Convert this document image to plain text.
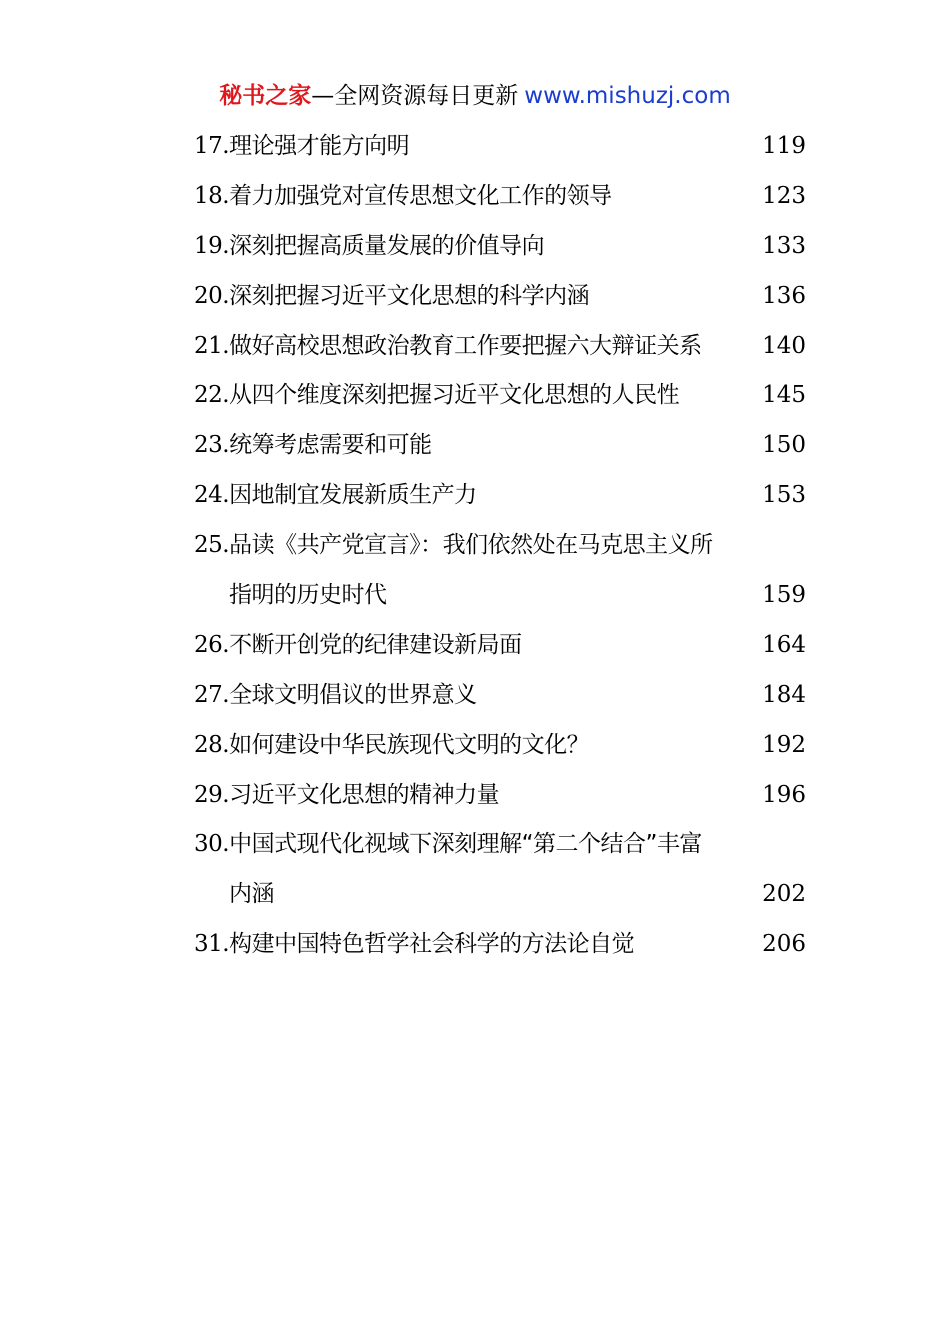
秘书之家—全网资源每日更新 www.mishuzj.com
17. 理论强才能方向明	119
18. 着力加强党对宣传思想文化工作的领导	123
19. 深刻把握高质量发展的价值导向	133
20. 深刻把握习近平文化思想的科学内涵	136
21. 做好高校思想政治教育工作要把握六大辩证关系	140
22. 从四个维度深刻把握习近平文化思想的人民性	145
23. 统筹考虑需要和可能	150
24. 因地制宜发展新质生产力	153
25. 品读《共产党宣言》：我们依然处在马克思主义所
指明的历史时代	159
26. 不断开创党的纪律建设新局面	164
27. 全球文明倡议的世界意义	184
28. 如何建设中华民族现代文明的文化？	192
29. 习近平文化思想的精神力量	196
30. 中国式现代化视域下深刻理解“第二个结合”丰富
内涵	202
31. 构建中国特色哲学社会科学的方法论自觉	206
